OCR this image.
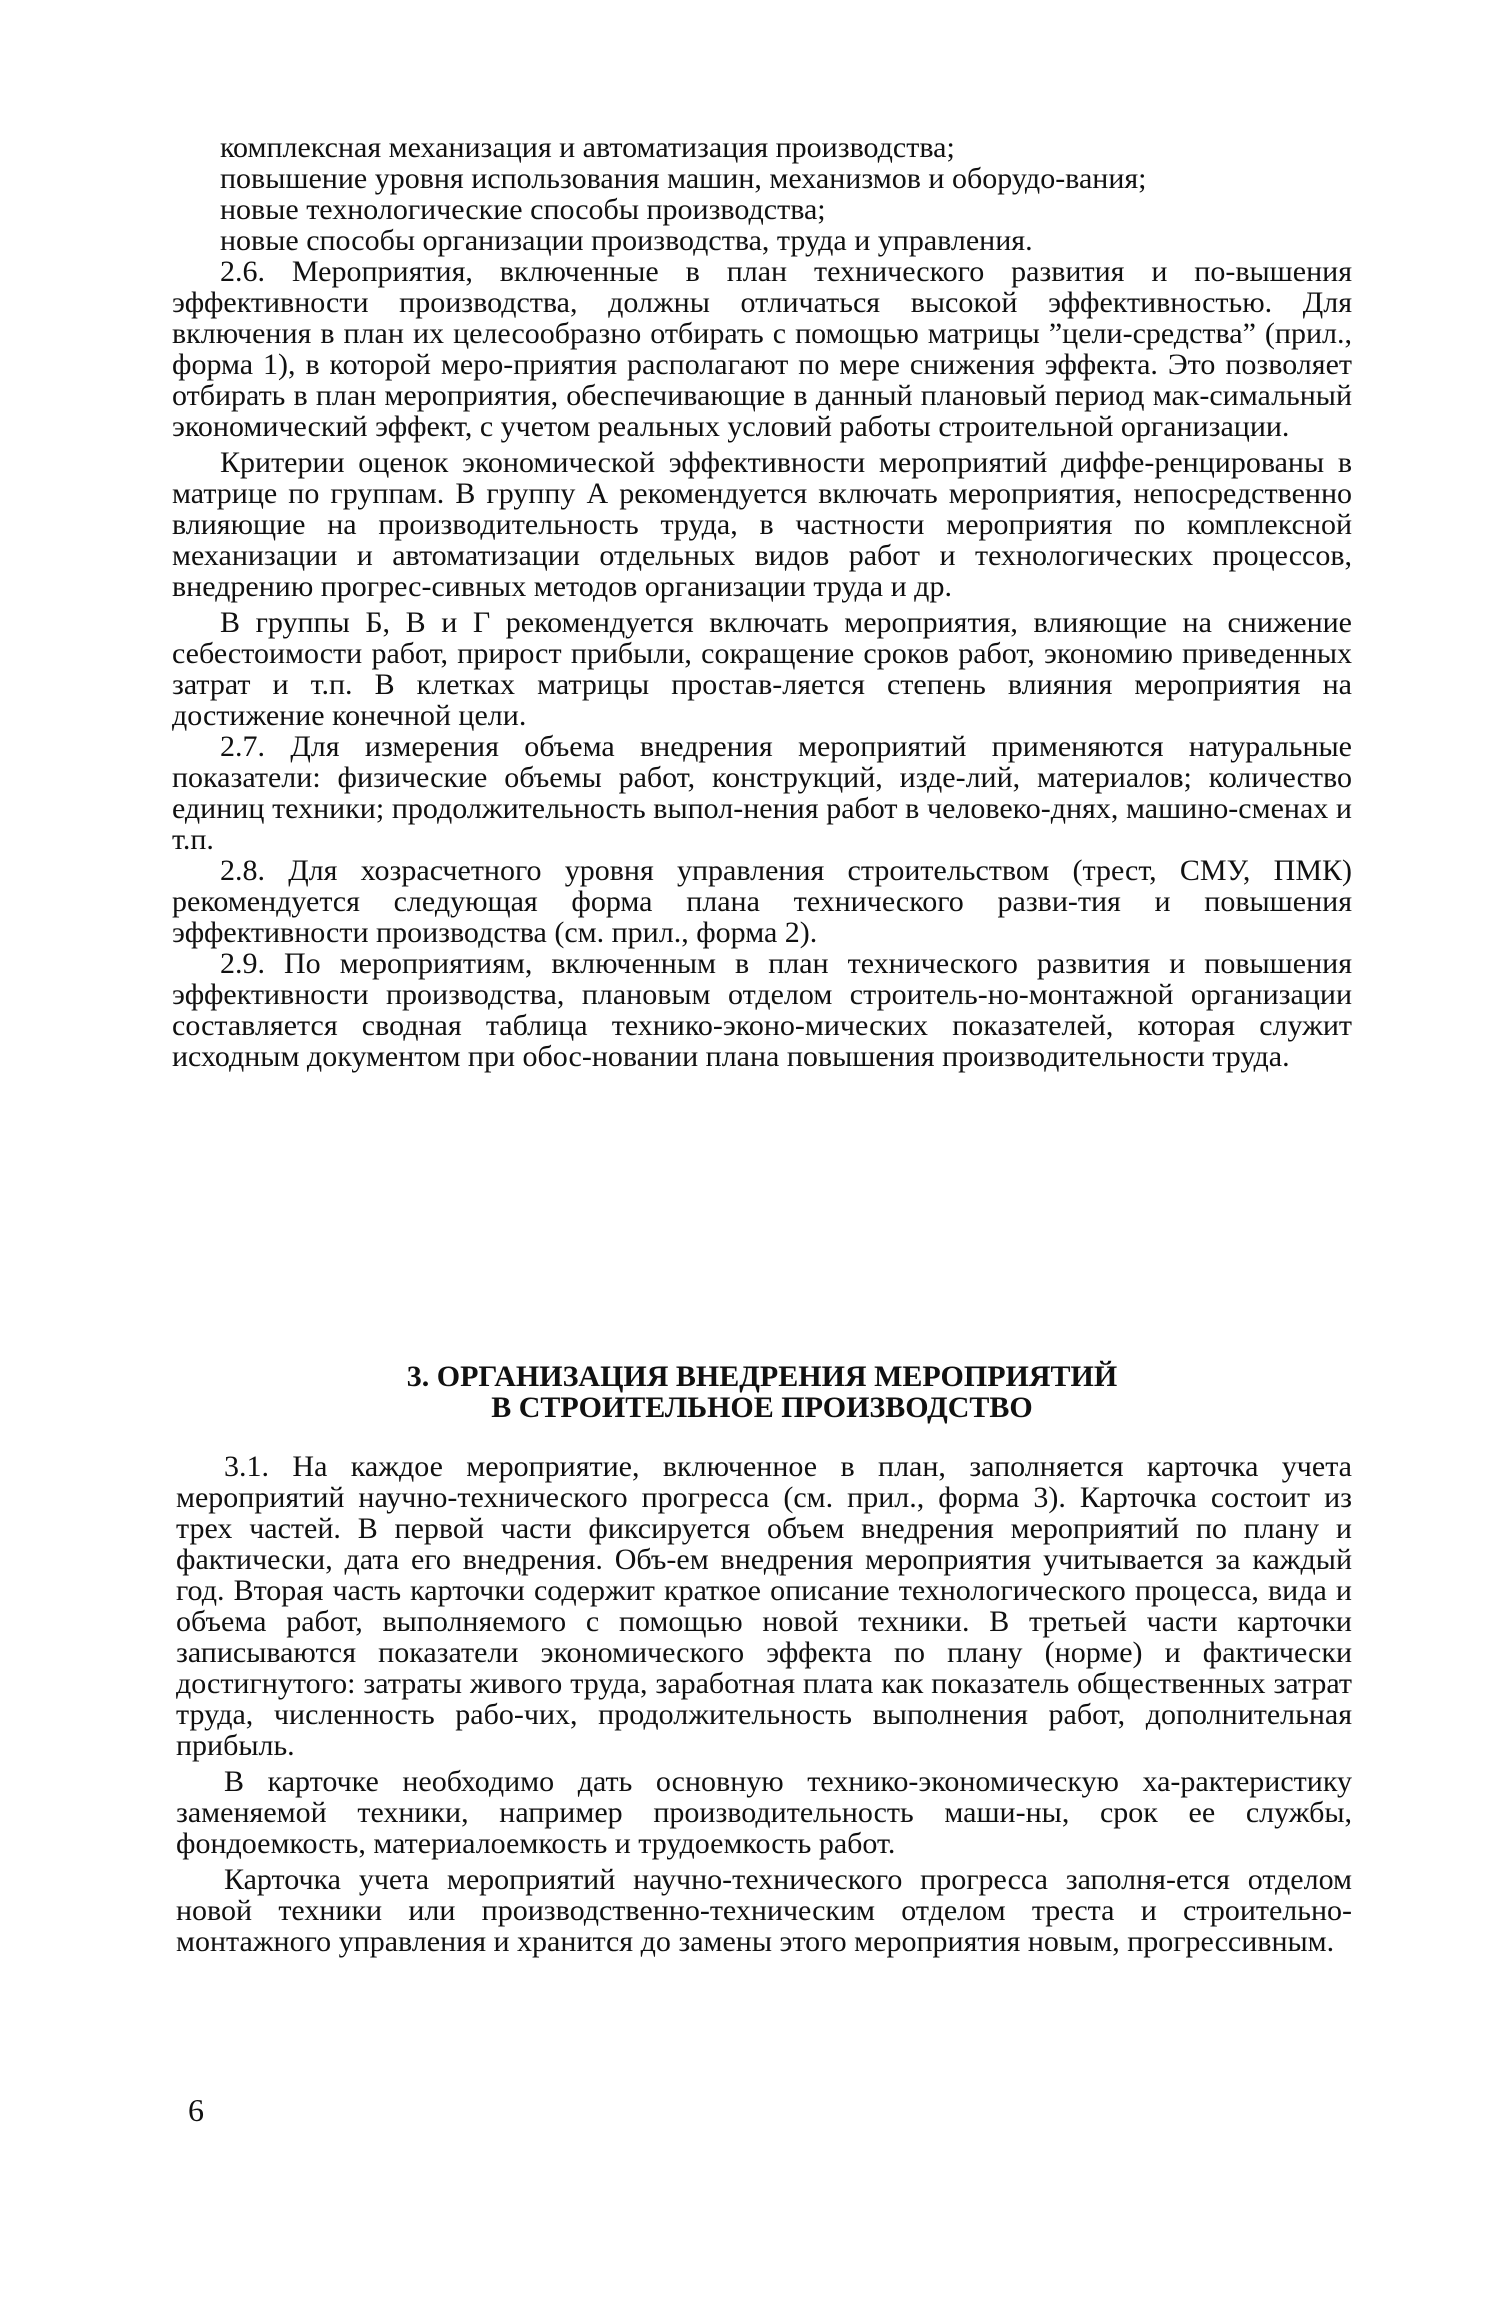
комплексная механизация и автоматизация производства;

повышение уровня использования машин, механизмов и оборудо-вания;

новые технологические способы производства;

новые способы организации производства, труда и управления.

2.6. Мероприятия, включенные в план технического развития и по-вышения эффективности производства, должны отличаться высокой эффективностью. Для включения в план их целесообразно отбирать с помощью матрицы ”цели-средства” (прил., форма 1), в которой меро-приятия располагают по мере снижения эффекта. Это позволяет отбирать в план мероприятия, обеспечивающие в данный плановый период мак-симальный экономический эффект, с учетом реальных условий работы строительной организации.

Критерии оценок экономической эффективности мероприятий диффе-ренцированы в матрице по группам. В группу А рекомендуется включать мероприятия, непосредственно влияющие на производительность труда, в частности мероприятия по комплексной механизации и автоматизации отдельных видов работ и технологических процессов, внедрению прогрес-сивных методов организации труда и др.

В группы Б, В и Г рекомендуется включать мероприятия, влияющие на снижение себестоимости работ, прирост прибыли, сокращение сроков работ, экономию приведенных затрат и т.п. В клетках матрицы простав-ляется степень влияния мероприятия на достижение конечной цели.

2.7. Для измерения объема внедрения мероприятий применяются натуральные показатели: физические объемы работ, конструкций, изде-лий, материалов; количество единиц техники; продолжительность выпол-нения работ в человеко-днях, машино-сменах и т.п.

2.8. Для хозрасчетного уровня управления строительством (трест, СМУ, ПМК) рекомендуется следующая форма плана технического разви-тия и повышения эффективности производства (см. прил., форма 2).

2.9. По мероприятиям, включенным в план технического развития и повышения эффективности производства, плановым отделом строитель-но-монтажной организации составляется сводная таблица технико-эконо-мических показателей, которая служит исходным документом при обос-новании плана повышения производительности труда.

3. ОРГАНИЗАЦИЯ ВНЕДРЕНИЯ МЕРОПРИЯТИЙ
В СТРОИТЕЛЬНОЕ ПРОИЗВОДСТВО

3.1. На каждое мероприятие, включенное в план, заполняется карточка учета мероприятий научно-технического прогресса (см. прил., форма 3). Карточка состоит из трех частей. В первой части фиксируется объем внедрения мероприятий по плану и фактически, дата его внедрения. Объ-ем внедрения мероприятия учитывается за каждый год. Вторая часть карточки содержит краткое описание технологического процесса, вида и объема работ, выполняемого с помощью новой техники. В третьей части карточки записываются показатели экономического эффекта по плану (норме) и фактически достигнутого: затраты живого труда, заработная плата как показатель общественных затрат труда, численность рабо-чих, продолжительность выполнения работ, дополнительная прибыль.

В карточке необходимо дать основную технико-экономическую ха-рактеристику заменяемой техники, например производительность маши-ны, срок ее службы, фондоемкость, материалоемкость и трудоемкость работ.

Карточка учета мероприятий научно-технического прогресса заполня-ется отделом новой техники или производственно-техническим отделом треста и строительно-монтажного управления и хранится до замены этого мероприятия новым, прогрессивным.

6
